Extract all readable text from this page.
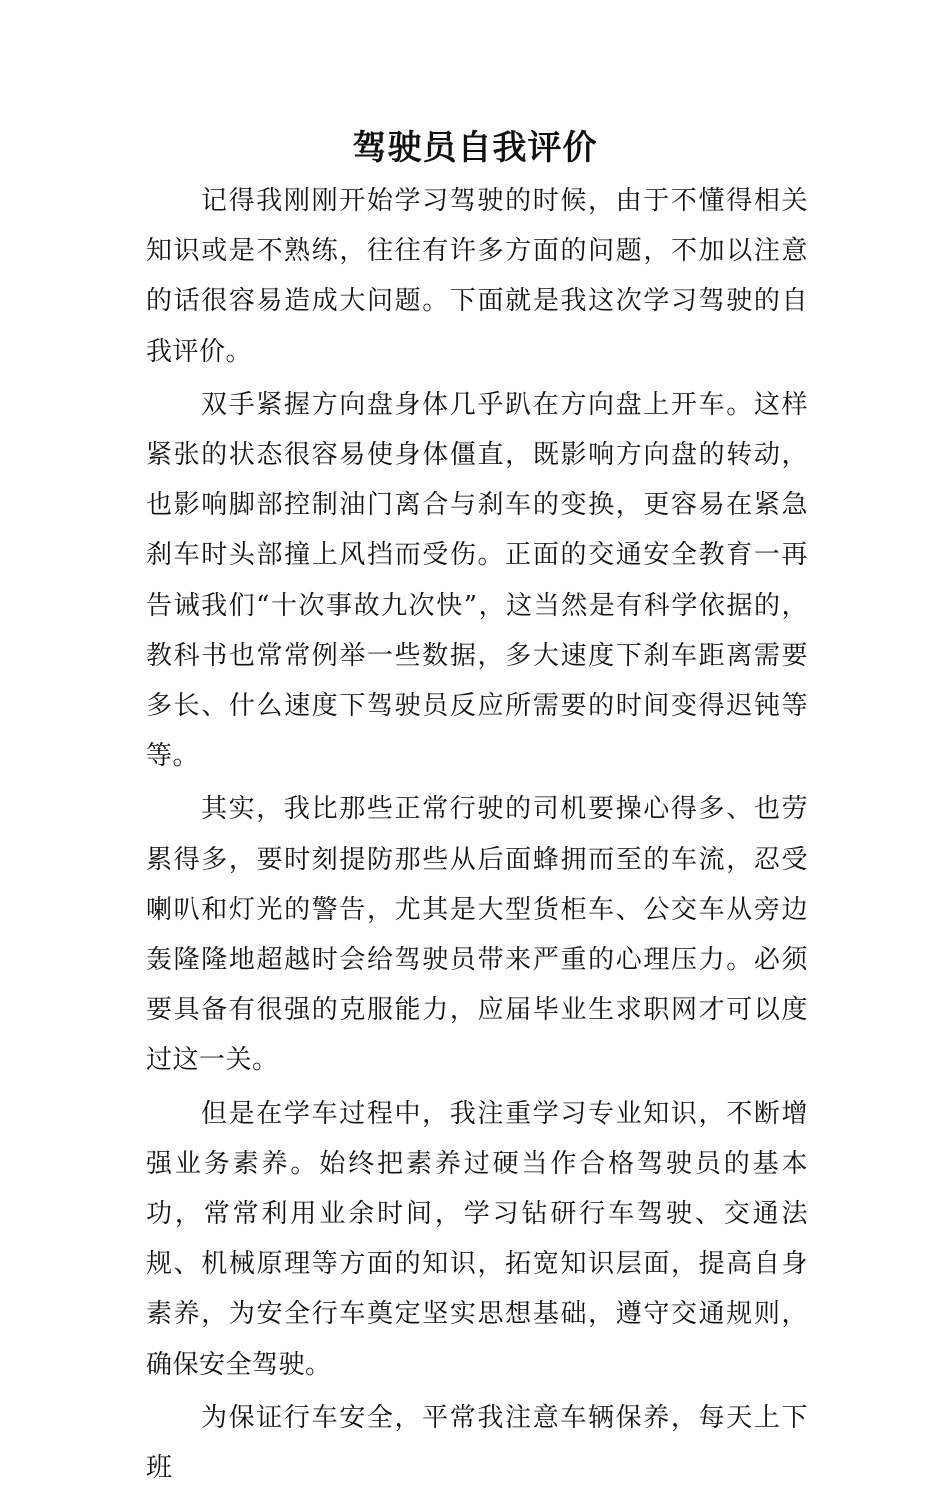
驾驶员自我评价

记得我刚刚开始学习驾驶的时候，由于不懂得相关知识或是不熟练，往往有许多方面的问题，不加以注意的话很容易造成大问题。下面就是我这次学习驾驶的自我评价。

双手紧握方向盘身体几乎趴在方向盘上开车。这样紧张的状态很容易使身体僵直，既影响方向盘的转动，也影响脚部控制油门离合与刹车的变换，更容易在紧急刹车时头部撞上风挡而受伤。正面的交通安全教育一再告诫我们“十次事故九次快”，这当然是有科学依据的，教科书也常常例举一些数据，多大速度下刹车距离需要多长、什么速度下驾驶员反应所需要的时间变得迟钝等等。

其实，我比那些正常行驶的司机要操心得多、也劳累得多，要时刻提防那些从后面蜂拥而至的车流，忍受喇叭和灯光的警告，尤其是大型货柜车、公交车从旁边轰隆隆地超越时会给驾驶员带来严重的心理压力。必须要具备有很强的克服能力，应届毕业生求职网才可以度过这一关。

但是在学车过程中，我注重学习专业知识，不断增强业务素养。始终把素养过硬当作合格驾驶员的基本功，常常利用业余时间，学习钻研行车驾驶、交通法规、机械原理等方面的知识，拓宽知识层面，提高自身素养，为安全行车奠定坚实思想基础，遵守交通规则，确保安全驾驶。

为保证行车安全，平常我注意车辆保养，每天上下班
